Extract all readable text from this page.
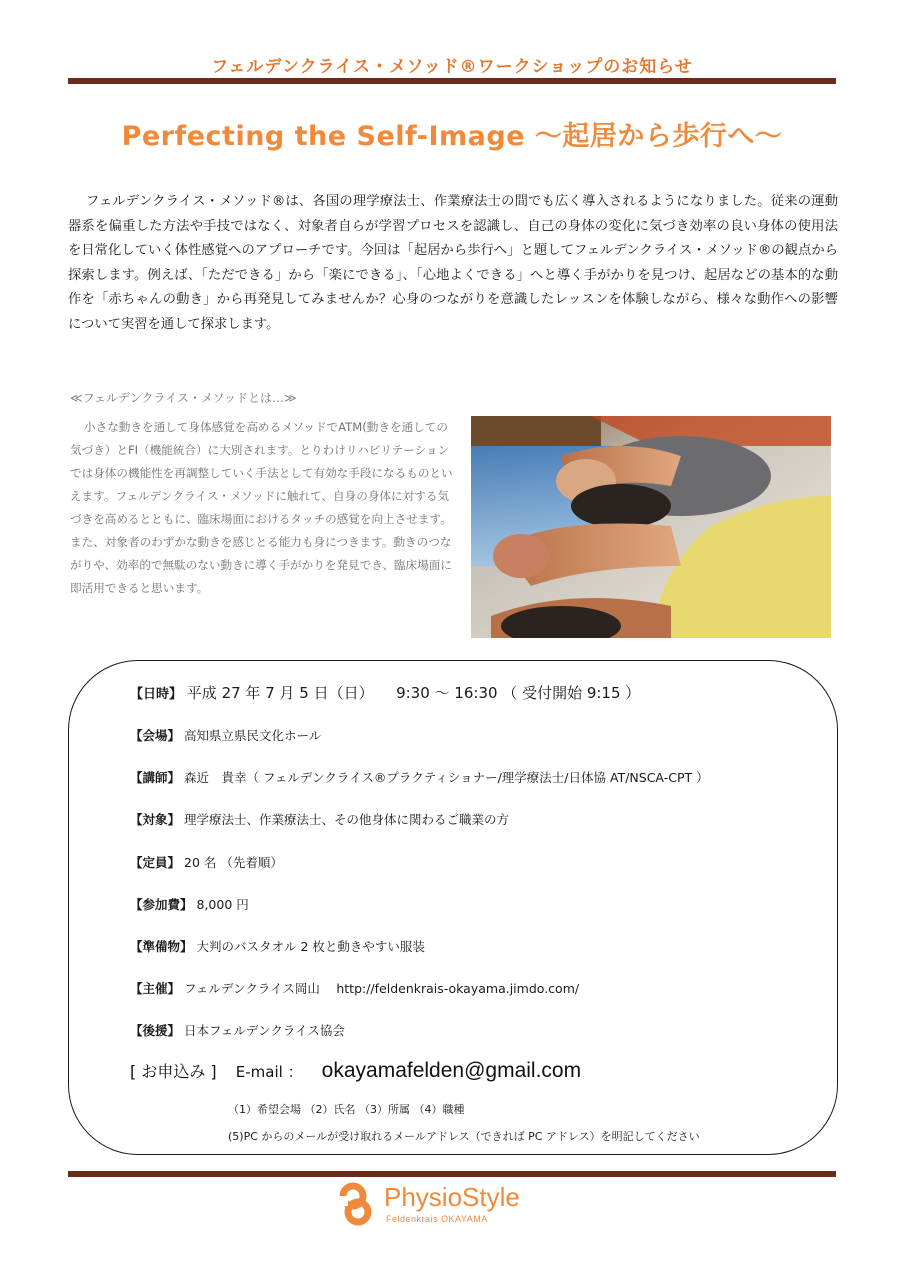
フェルデンクライス・メソッド®ワークショップのお知らせ
Perfecting the Self-Image ～起居から歩行へ～

フェルデンクライス・メソッド®は、各国の理学療法士、作業療法士の間でも広く導入されるようになりました。従来の運動器系を偏重した方法や手技ではなく、対象者自らが学習プロセスを認識し、自己の身体の変化に気づき効率の良い身体の使用法を日常化していく体性感覚へのアプローチです。今回は「起居から歩行へ」と題してフェルデンクライス・メソッド®の観点から探索します。例えば、「ただできる」から「楽にできる」、「心地よくできる」へと導く手がかりを見つけ、起居などの基本的な動作を「赤ちゃんの動き」から再発見してみませんか？心身のつながりを意識したレッスンを体験しながら、様々な動作への影響について実習を通して探求します。

≪フェルデンクライス・メソッドとは…≫

小さな動きを通して身体感覚を高めるメソッドでATM(動きを通しての気づき）とFI（機能統合）に大別されます。とりわけリハビリテーションでは身体の機能性を再調整していく手法として有効な手段になるものといえます。フェルデンクライス・メソッドに触れて、自身の身体に対する気づきを高めるとともに、臨床場面におけるタッチの感覚を向上させます。また、対象者のわずかな動きを感じとる能力も身につきます。動きのつながりや、効率的で無駄のない動きに導く手がかりを発見でき、臨床場面に即活用できると思います。

【日時】 平成 27 年 7 月 5 日（日）　　9:30 ～ 16:30 （ 受付開始 9:15 ）
【会場】 高知県立県民文化ホール
【講師】 森近　貴幸（ フェルデンクライス®プラクティショナー/理学療法士/日体協 AT/NSCA-CPT ）
【対象】 理学療法士、作業療法士、その他身体に関わるご職業の方
【定員】 20 名 （先着順）
【参加費】 8,000 円
【準備物】 大判のバスタオル 2 枚と動きやすい服装
【主催】 フェルデンクライス岡山　 http://feldenkrais-okayama.jimdo.com/
【後援】 日本フェルデンクライス協会
[ お申込み ] E-mail ： okayamafelden@gmail.com
（1）希望会場 （2）氏名 （3）所属 （4）職種
(5)PC からのメールが受け取れるメールアドレス（できれば PC アドレス）を明記してください
PhysioStyle
Feldenkrais OKAYAMA
